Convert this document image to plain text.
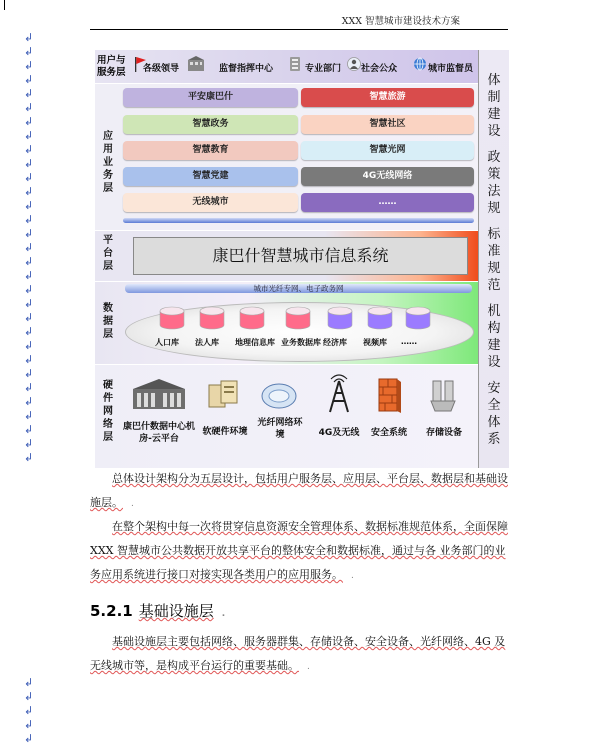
XXX 智慧城市建设技术方案
↲
↲
↲
↲
↲
↲
↲
↲
↲
↲
↲
↲
↲
↲
↲
↲
↲
↲
↲
↲
↲
↲
↲
↲
↲
↲
↲
↲
↲
↲
↲
↲
↲
↲
↲
↲
用户与服务层	各级领导	监督指挥中心	专业部门 社会公众	城市监督员
应用业务层
平安康巴什
智慧政务
智慧教育
智慧党建
无线城市
智慧旅游
智慧社区
智慧光网
4G无线网络
……
平台层
康巴什智慧城市信息系统
数据层
城市光纤专网、电子政务网
人口库 法人库 地理信息库 业务数据库 经济库 视频库 ……
硬件网络层
康巴什数据中心机房-云平台
软硬件环境
光纤网络环境	4G及无线	安全系统	存储设备
体制建设
政策法规
标准规范
机构建设
安全体系
总体设计架构分为五层设计，包括用户服务层、应用层、平台层、数据层和基础设施层。 .
在整个架构中每一次将贯穿信息资源安全管理体系、数据标准规范体系，全面保障 XXX 智慧城市公共数据开放共享平台的整体安全和数据标准，通过与各 业务部门的业务应用系统进行接口对接实现各类用户的应用服务。 .
5.2.1 基础设施层 .
基础设施层主要包括网络、服务器群集、存储设备、安全设备、光纤网络、4G 及无线城市等，是构成平台运行的重要基础。 .
